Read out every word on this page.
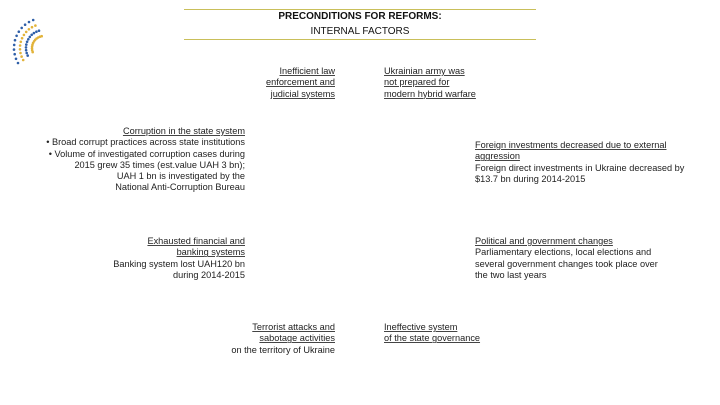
PRECONDITIONS FOR REFORMS:
INTERNAL FACTORS
Inefficient law
enforcement and
judicial systems
Ukrainian army was
not prepared for
modern hybrid warfare
Corruption in the state system
• Broad corrupt practices across state institutions
• Volume of investigated corruption cases during
2015 grew 35 times (est.value UAH 3 bn);
UAH 1 bn is investigated by the
National Anti-Corruption Bureau
Foreign investments decreased due to external
aggression
Foreign direct investments in Ukraine decreased by
$13.7 bn during 2014-2015
Exhausted financial and
banking systems
Banking system lost UAH120 bn
during 2014-2015
Political and government changes
Parliamentary elections, local elections and
several government changes took place over
the two last years
Terrorist attacks and
sabotage activities
on the territory of Ukraine
Ineffective system
of the state governance
